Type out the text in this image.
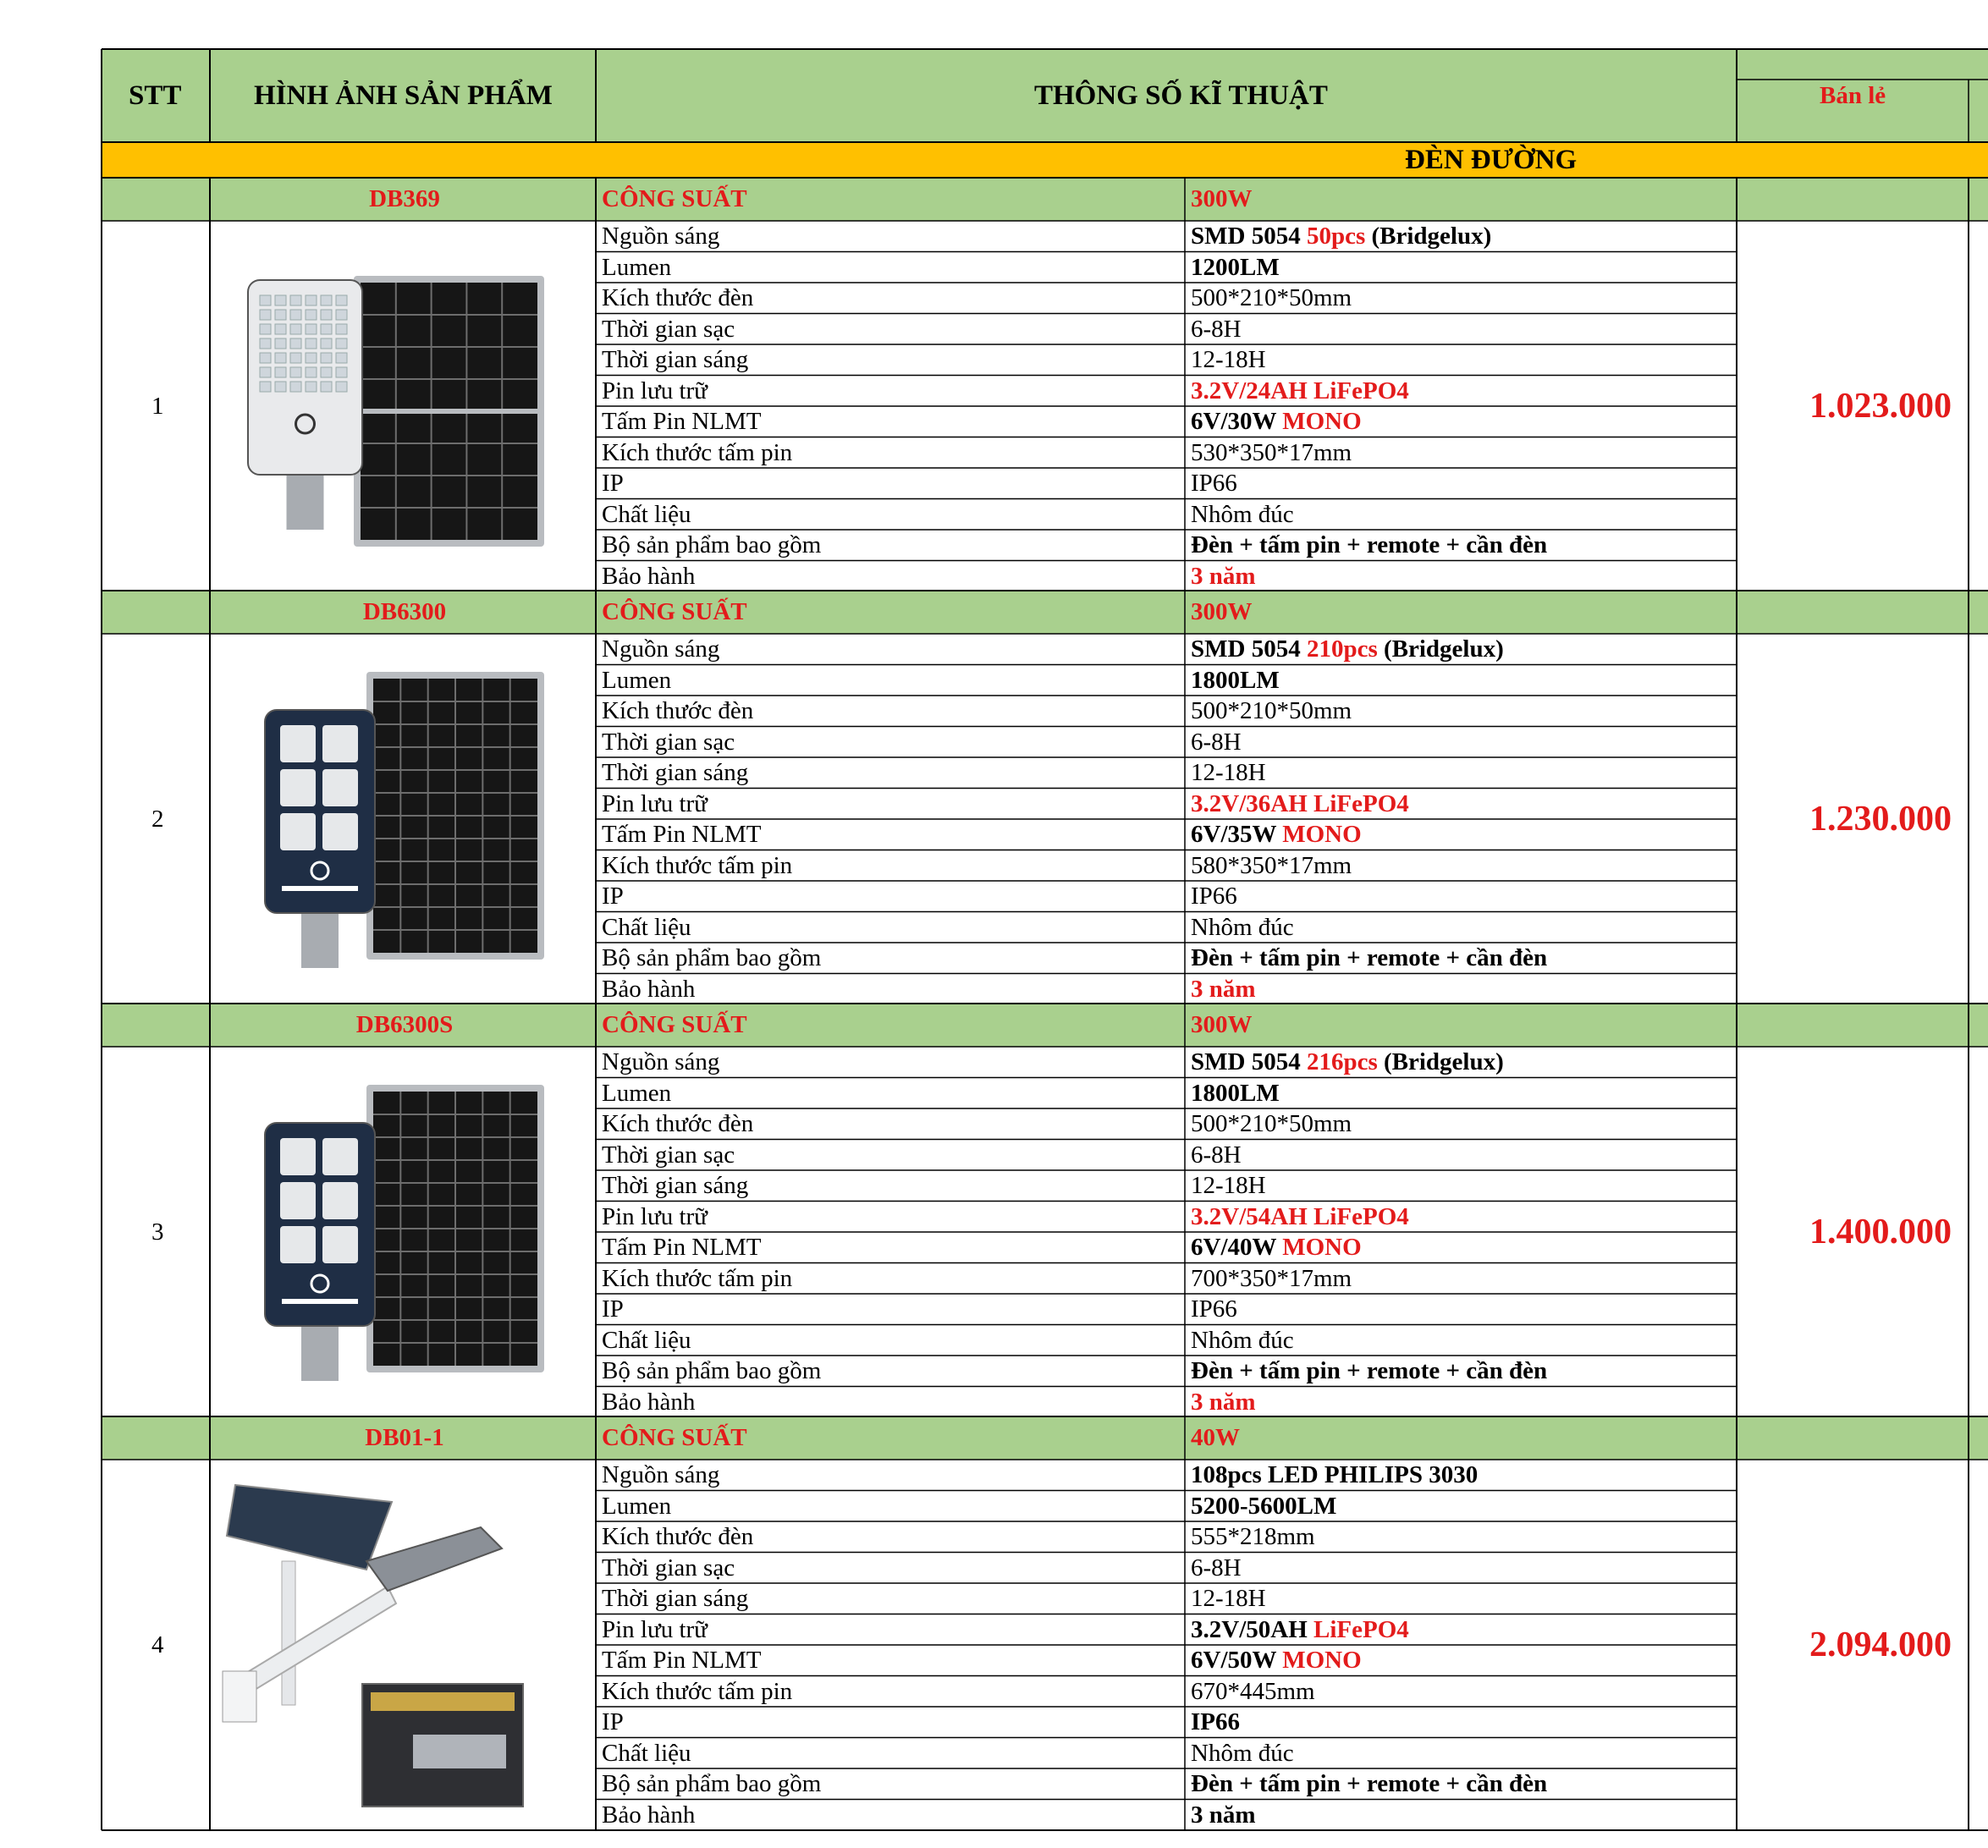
STT	HÌNH ẢNH SẢN PHẨM	THÔNG SỐ KĨ THUẬT	Bán lẻ
ĐÈN ĐƯỜNG
DB369	CÔNG SUẤT	300W
1	1.023.000
Nguồn sáng	SMD 5054 50pcs (Bridgelux)
Lumen	1200LM
Kích thước đèn	500*210*50mm
Thời gian sạc	6-8H
Thời gian sáng	12-18H
Pin lưu trữ	3.2V/24AH LiFePO4
Tấm Pin NLMT	6V/30W MONO
Kích thước tấm pin	530*350*17mm
IP	IP66
Chất liệu	Nhôm đúc
Bộ sản phẩm bao gồm	Đèn + tấm pin + remote + cần đèn
Bảo hành	3 năm
DB6300	CÔNG SUẤT	300W
2	1.230.000
Nguồn sáng	SMD 5054 210pcs (Bridgelux)
Lumen	1800LM
Kích thước đèn	500*210*50mm
Thời gian sạc	6-8H
Thời gian sáng	12-18H
Pin lưu trữ	3.2V/36AH LiFePO4
Tấm Pin NLMT	6V/35W MONO
Kích thước tấm pin	580*350*17mm
IP	IP66
Chất liệu	Nhôm đúc
Bộ sản phẩm bao gồm	Đèn + tấm pin + remote + cần đèn
Bảo hành	3 năm
DB6300S	CÔNG SUẤT	300W
3	1.400.000
Nguồn sáng	SMD 5054 216pcs (Bridgelux)
Lumen	1800LM
Kích thước đèn	500*210*50mm
Thời gian sạc	6-8H
Thời gian sáng	12-18H
Pin lưu trữ	3.2V/54AH LiFePO4
Tấm Pin NLMT	6V/40W MONO
Kích thước tấm pin	700*350*17mm
IP	IP66
Chất liệu	Nhôm đúc
Bộ sản phẩm bao gồm	Đèn + tấm pin + remote + cần đèn
Bảo hành	3 năm
DB01-1	CÔNG SUẤT	40W
4	2.094.000
Nguồn sáng	108pcs LED PHILIPS 3030
Lumen	5200-5600LM
Kích thước đèn	555*218mm
Thời gian sạc	6-8H
Thời gian sáng	12-18H
Pin lưu trữ	3.2V/50AH LiFePO4
Tấm Pin NLMT	6V/50W MONO
Kích thước tấm pin	670*445mm
IP	IP66
Chất liệu	Nhôm đúc
Bộ sản phẩm bao gồm	Đèn + tấm pin + remote + cần đèn
Bảo hành	3 năm
